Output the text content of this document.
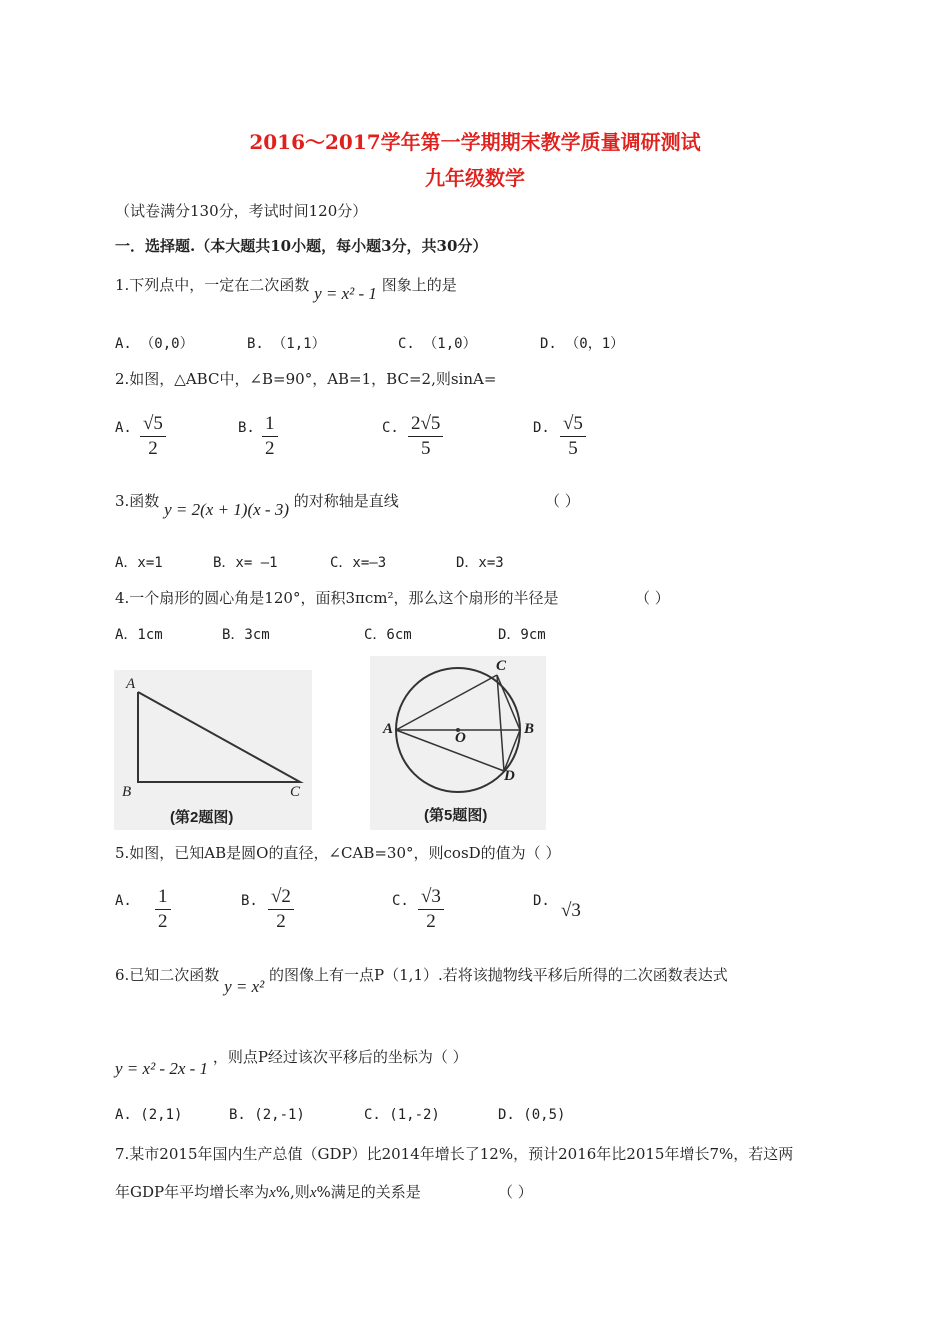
2016～2017学年第一学期期末教学质量调研测试
九年级数学
（试卷满分130分，考试时间120分）
一．选择题.（本大题共10小题，每小题3分，共30分）
1.下列点中，一定在二次函数 y = x² - 1 图象上的是
A. （0,0）	B. （1,1）	C. （1,0）	D. （0，1）
2.如图，△ABC中，∠B=90°，AB=1，BC=2,则sinA=
A. $\frac{√5}{2}$	B. $\frac{1}{2}$	C. $\frac{2√5}{5}$	D. $\frac{√5}{5}$
3.函数 y = 2(x + 1)(x - 3) 的对称轴是直线	（ ）
A．x=1	B．x= —1	C．x=—3	D．x=3
4.一个扇形的圆心角是120°，面积3πcm²，那么这个扇形的半径是	（ ）
A．1cm	B．3cm	C．6cm	D．9cm
A
B	C
(第2题图)
C
A	B
O
D
(第5题图)
5.如图，已知AB是圆O的直径，∠CAB=30°，则cosD的值为（ ）
A. $\frac{1}{2}$	B. $\frac{√2}{2}$	C. $\frac{√3}{2}$	D. √3
6.已知二次函数 y = x² 的图像上有一点P（1,1）.若将该抛物线平移后所得的二次函数表达式
y = x² - 2x - 1 ，则点P经过该次平移后的坐标为（ ）
A. (2,1)	B. (2,-1)	C. (1,-2)	D. (0,5)
7.某市2015年国内生产总值（GDP）比2014年增长了12%，预计2016年比2015年增长7%，若这两
年GDP年平均增长率为x%,则x%满足的关系是	（ ）
